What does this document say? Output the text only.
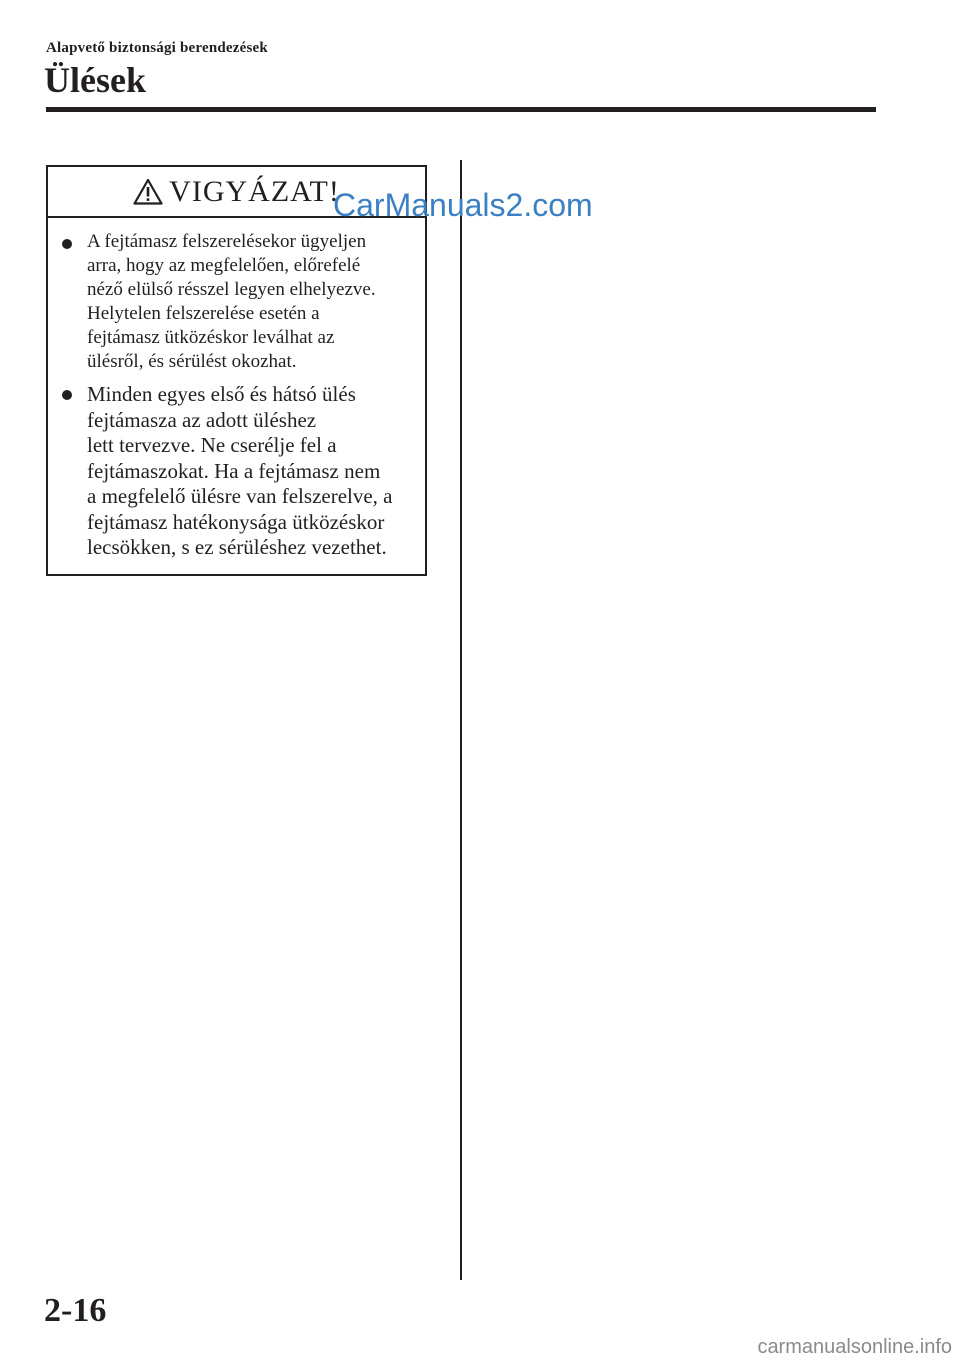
Alapvető biztonsági berendezések
Ülések
VIGYÁZAT!
A fejtámasz felszerelésekor ügyeljen
arra, hogy az megfelelően, előrefelé
néző elülső résszel legyen elhelyezve.
Helytelen felszerelése esetén a
fejtámasz ütközéskor leválhat az
ülésről, és sérülést okozhat.
Minden egyes első és hátsó ülés
fejtámasza az adott üléshez
lett tervezve. Ne cserélje fel a
fejtámaszokat. Ha a fejtámasz nem
a megfelelő ülésre van felszerelve, a
fejtámasz hatékonysága ütközéskor
lecsökken, s ez sérüléshez vezethet.
CarManuals2.com
2-16
carmanualsonline.info
